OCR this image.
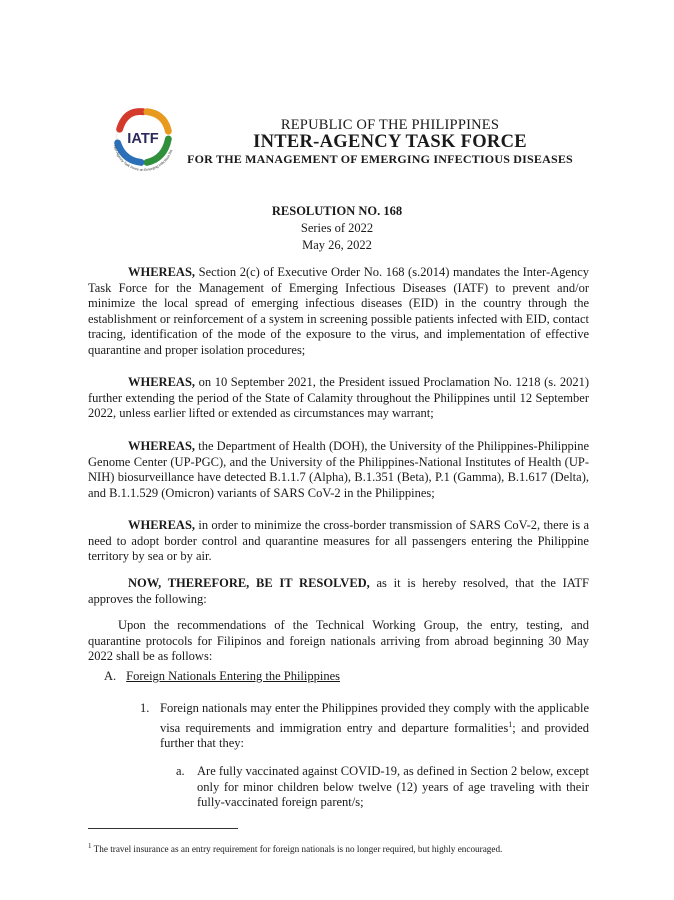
IATF
Inter-Agency Task Force on Emerging Infectious Dis
REPUBLIC OF THE PHILIPPINES
INTER-AGENCY TASK FORCE
FOR THE MANAGEMENT OF EMERGING INFECTIOUS DISEASES
RESOLUTION NO. 168
Series of 2022
May 26, 2022
WHEREAS, Section 2(c) of Executive Order No. 168 (s.2014) mandates the Inter-Agency Task Force for the Management of Emerging Infectious Diseases (IATF) to prevent and/or minimize the local spread of emerging infectious diseases (EID) in the country through the establishment or reinforcement of a system in screening possible patients infected with EID, contact tracing, identification of the mode of the exposure to the virus, and implementation of effective quarantine and proper isolation procedures;
WHEREAS, on 10 September 2021, the President issued Proclamation No. 1218 (s. 2021) further extending the period of the State of Calamity throughout the Philippines until 12 September 2022, unless earlier lifted or extended as circumstances may warrant;
WHEREAS, the Department of Health (DOH), the University of the Philippines-Philippine Genome Center (UP-PGC), and the University of the Philippines-National Institutes of Health (UP-NIH) biosurveillance have detected B.1.1.7 (Alpha), B.1.351 (Beta), P.1 (Gamma), B.1.617 (Delta), and B.1.1.529 (Omicron) variants of SARS CoV-2 in the Philippines;
WHEREAS, in order to minimize the cross-border transmission of SARS CoV-2, there is a need to adopt border control and quarantine measures for all passengers entering the Philippine territory by sea or by air.
NOW, THEREFORE, BE IT RESOLVED, as it is hereby resolved, that the IATF approves the following:
Upon the recommendations of the Technical Working Group, the entry, testing, and quarantine protocols for Filipinos and foreign nationals arriving from abroad beginning 30 May 2022 shall be as follows:
A. Foreign Nationals Entering the Philippines
1. Foreign nationals may enter the Philippines provided they comply with the applicable visa requirements and immigration entry and departure formalities$^1$; and provided further that they:
a. Are fully vaccinated against COVID-19, as defined in Section 2 below, except only for minor children below twelve (12) years of age traveling with their fully-vaccinated foreign parent/s;
$^1$ The travel insurance as an entry requirement for foreign nationals is no longer required, but highly encouraged.
